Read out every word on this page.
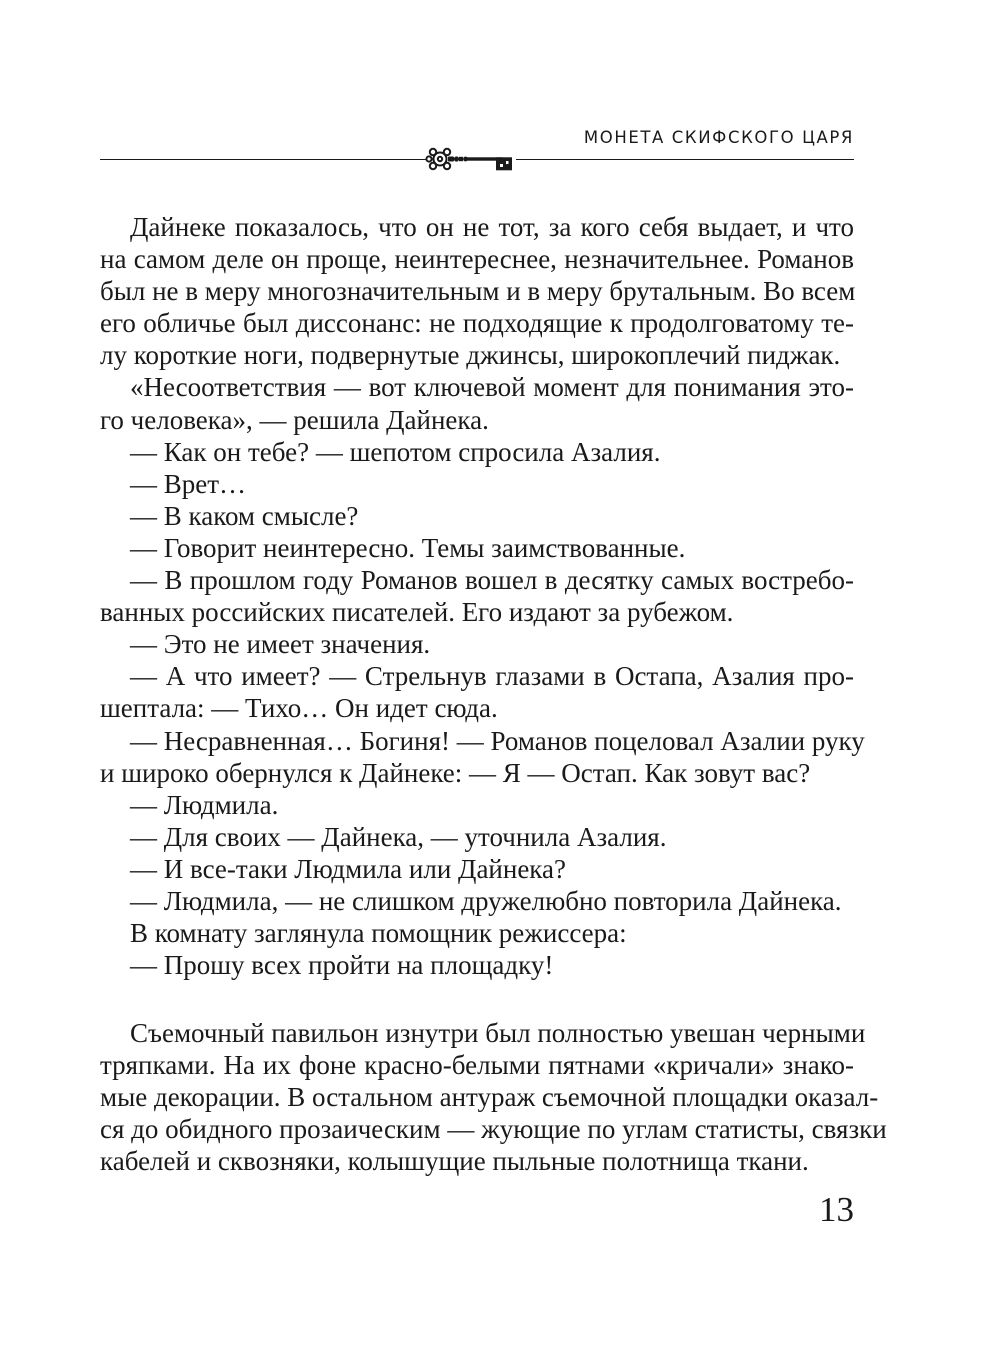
МОНЕТА СКИФСКОГО ЦАРЯ
Дайнеке показалось, что он не тот, за кого себя выдает, и что
на самом деле он проще, неинтереснее, незначительнее. Романов
был не в меру многозначительным и в меру брутальным. Во всем
его обличье был диссонанс: не подходящие к продолговатому те-
лу короткие ноги, подвернутые джинсы, широкоплечий пиджак.
«Несоответствия — вот ключевой момент для понимания это-
го человека», — решила Дайнека.
— Как он тебе? — шепотом спросила Азалия.
— Врет…
— В каком смысле?
— Говорит неинтересно. Темы заимствованные.
— В прошлом году Романов вошел в десятку самых востребо-
ванных российских писателей. Его издают за рубежом.
— Это не имеет значения.
— А что имеет? — Стрельнув глазами в Остапа, Азалия про-
шептала: — Тихо… Он идет сюда.
— Несравненная… Богиня! — Романов поцеловал Азалии руку
и широко обернулся к Дайнеке: — Я — Остап. Как зовут вас?
— Людмила.
— Для своих — Дайнека, — уточнила Азалия.
— И все-таки Людмила или Дайнека?
— Людмила, — не слишком дружелюбно повторила Дайнека.
В комнату заглянула помощник режиссера:
— Прошу всех пройти на площадку!
Съемочный павильон изнутри был полностью увешан черными
тряпками. На их фоне красно-белыми пятнами «кричали» знако-
мые декорации. В остальном антураж съемочной площадки оказал-
ся до обидного прозаическим — жующие по углам статисты, связки
кабелей и сквозняки, колышущие пыльные полотнища ткани.
13
